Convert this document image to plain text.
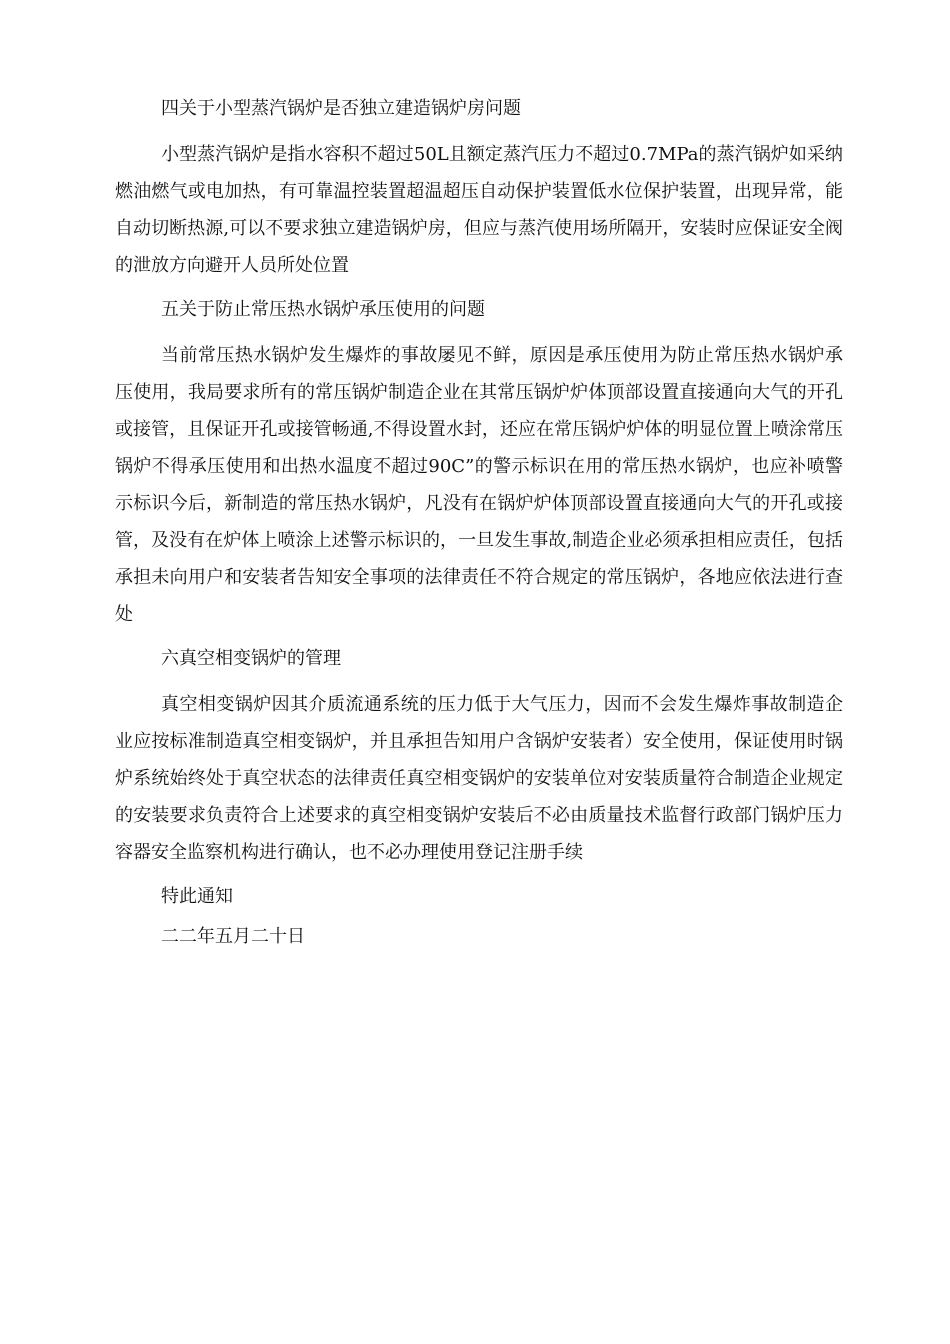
四关于小型蒸汽锅炉是否独立建造锅炉房问题

小型蒸汽锅炉是指水容积不超过50L且额定蒸汽压力不超过0.7MPa的蒸汽锅炉如采纳燃油燃气或电加热，有可靠温控装置超温超压自动保护装置低水位保护装置，出现异常，能自动切断热源,可以不要求独立建造锅炉房，但应与蒸汽使用场所隔开，安装时应保证安全阀的泄放方向避开人员所处位置

五关于防止常压热水锅炉承压使用的问题

当前常压热水锅炉发生爆炸的事故屡见不鲜，原因是承压使用为防止常压热水锅炉承压使用，我局要求所有的常压锅炉制造企业在其常压锅炉炉体顶部设置直接通向大气的开孔或接管，且保证开孔或接管畅通,不得设置水封，还应在常压锅炉炉体的明显位置上喷涂常压锅炉不得承压使用和出热水温度不超过90C”的警示标识在用的常压热水锅炉，也应补喷警示标识今后，新制造的常压热水锅炉，凡没有在锅炉炉体顶部设置直接通向大气的开孔或接管，及没有在炉体上喷涂上述警示标识的，一旦发生事故,制造企业必须承担相应责任，包括承担未向用户和安装者告知安全事项的法律责任不符合规定的常压锅炉，各地应依法进行查处

六真空相变锅炉的管理

真空相变锅炉因其介质流通系统的压力低于大气压力，因而不会发生爆炸事故制造企业应按标准制造真空相变锅炉，并且承担告知用户含锅炉安装者）安全使用，保证使用时锅炉系统始终处于真空状态的法律责任真空相变锅炉的安装单位对安装质量符合制造企业规定的安装要求负责符合上述要求的真空相变锅炉安装后不必由质量技术监督行政部门锅炉压力容器安全监察机构进行确认，也不必办理使用登记注册手续

特此通知

二二年五月二十日
